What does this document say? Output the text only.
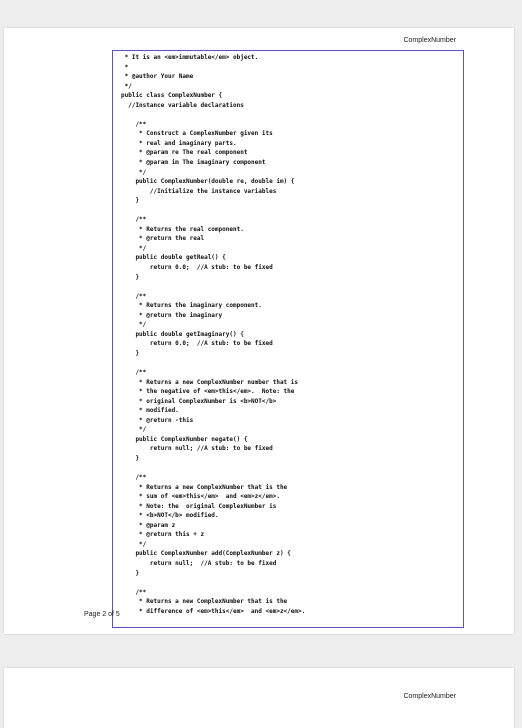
ComplexNumber
* It is an <em>immutable</em> object.
*
* @author Your Name
*/
public class ComplexNumber {
//Instance variable declarations
/**
* Construct a ComplexNumber given its
* real and imaginary parts.
* @param re The real component
* @param im The imaginary component
*/
public ComplexNumber(double re, double im) {
//Initialize the instance variables
}
/**
* Returns the real component.
* @return the real
*/
public double getReal() {
return 0.0;  //A stub: to be fixed
}
/**
* Returns the imaginary component.
* @return the imaginary
*/
public double getImaginary() {
return 0.0;  //A stub: to be fixed
}
/**
* Returns a new ComplexNumber number that is
* the negative of <em>this</em>.  Note: the
* original ComplexNumber is <b>NOT</b>
* modified.
* @return -this
*/
public ComplexNumber negate() {
return null; //A stub: to be fixed
}
/**
* Returns a new ComplexNumber that is the
* sum of <em>this</em>  and <em>z</em>.
* Note: the  original ComplexNumber is
* <b>NOT</b> modified.
* @param z
* @return this + z
*/
public ComplexNumber add(ComplexNumber z) {
return null;  //A stub: to be fixed
}
/**
* Returns a new ComplexNumber that is the
* difference of <em>this</em>  and <em>z</em>.
Page 2 of 5
ComplexNumber
